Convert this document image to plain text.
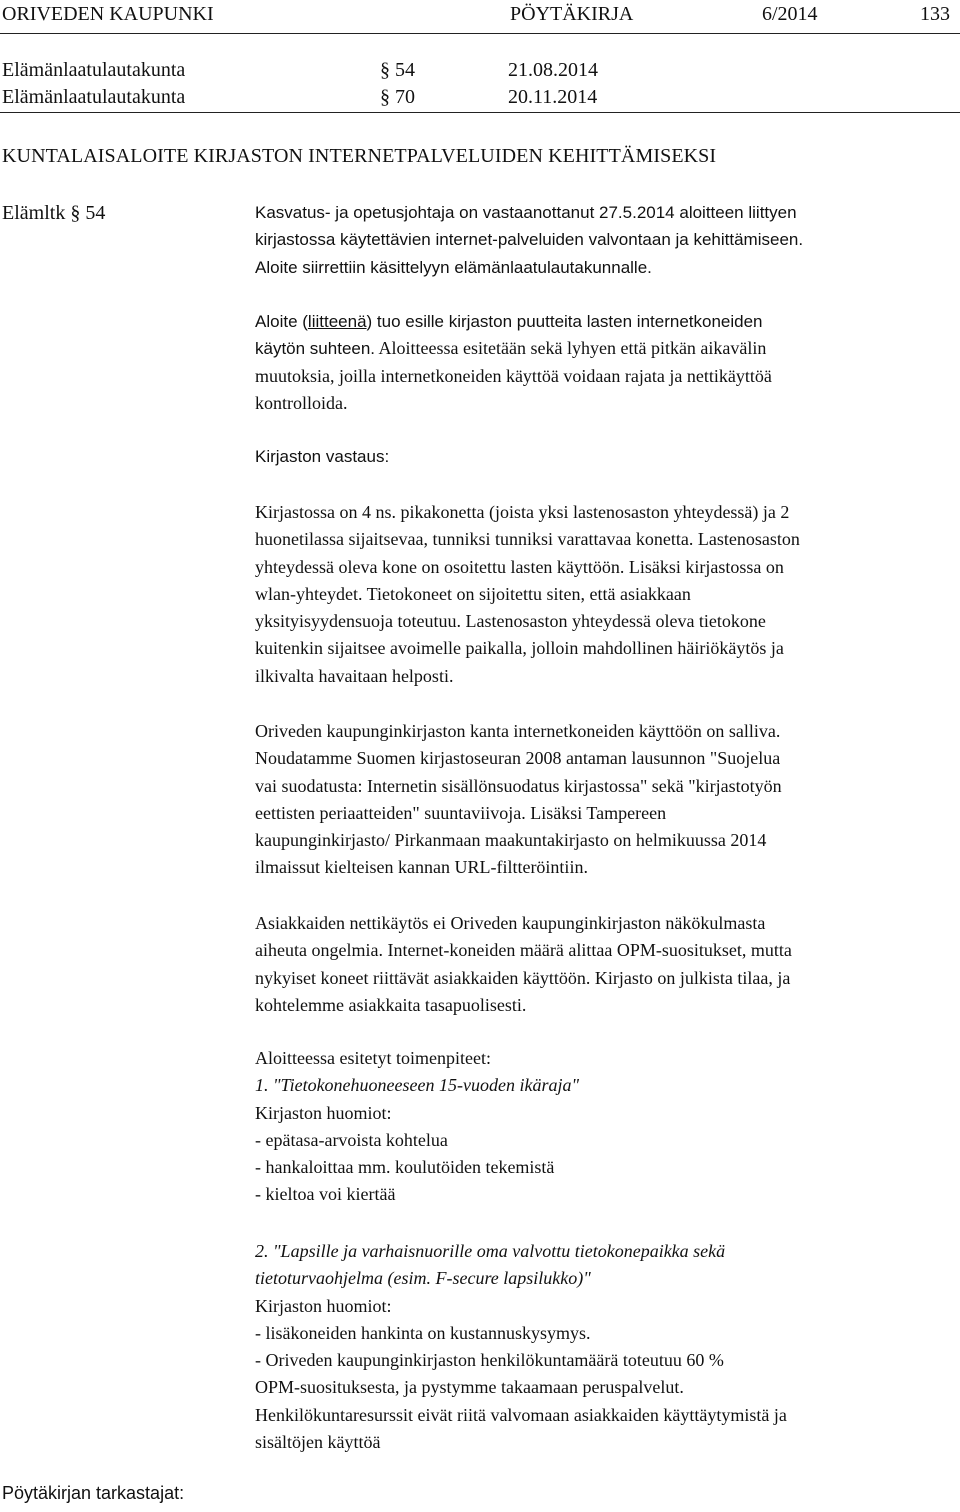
ORIVEDEN KAUPUNKI	PÖYTÄKIRJA	6/2014	133
Elämänlaatulautakunta	§ 54	21.08.2014
Elämänlaatulautakunta	§ 70	20.11.2014
KUNTALAISALOITE KIRJASTON INTERNETPALVELUIDEN KEHITTÄMISEKSI
Elämltk § 54	Kasvatus- ja opetusjohtaja on vastaanottanut 27.5.2014 aloitteen liittyen
kirjastossa käytettävien internet-palveluiden valvontaan ja kehittämiseen.
Aloite siirrettiin käsittelyyn elämänlaatulautakunnalle.
Aloite (liitteenä) tuo esille kirjaston puutteita lasten internetkoneiden
käytön suhteen. Aloitteessa esitetään sekä lyhyen että pitkän aikavälin
muutoksia, joilla internetkoneiden käyttöä voidaan rajata ja nettikäyttöä
kontrolloida.
Kirjaston vastaus:

Kirjastossa on 4 ns. pikakonetta (joista yksi lastenosaston yhteydessä) ja 2

huonetilassa sijaitsevaa, tunniksi tunniksi varattavaa konetta. Lastenosaston

yhteydessä oleva kone on osoitettu lasten käyttöön. Lisäksi kirjastossa on

wlan-yhteydet. Tietokoneet on sijoitettu siten, että asiakkaan

yksityisyydensuoja toteutuu. Lastenosaston yhteydessä oleva tietokone

kuitenkin sijaitsee avoimelle paikalla, jolloin mahdollinen häiriökäytös ja

ilkivalta havaitaan helposti.

Oriveden kaupunginkirjaston kanta internetkoneiden käyttöön on salliva.

Noudatamme Suomen kirjastoseuran 2008 antaman lausunnon "Suojelua

vai suodatusta: Internetin sisällönsuodatus kirjastossa" sekä "kirjastotyön

eettisten periaatteiden" suuntaviivoja. Lisäksi Tampereen

kaupunginkirjasto/ Pirkanmaan maakuntakirjasto on helmikuussa 2014

ilmaissut kielteisen kannan URL-filtteröintiin.

Asiakkaiden nettikäytös ei Oriveden kaupunginkirjaston näkökulmasta

aiheuta ongelmia. Internet-koneiden määrä alittaa OPM-suositukset, mutta

nykyiset koneet riittävät asiakkaiden käyttöön. Kirjasto on julkista tilaa, ja

kohtelemme asiakkaita tasapuolisesti.

Aloitteessa esitetyt toimenpiteet:

1. "Tietokonehuoneeseen 15-vuoden ikäraja"

Kirjaston huomiot:

- epätasa-arvoista kohtelua

- hankaloittaa mm. koulutöiden tekemistä

- kieltoa voi kiertää

2. "Lapsille ja varhaisnuorille oma valvottu tietokonepaikka sekä

tietoturvaohjelma (esim. F-secure lapsilukko)"

Kirjaston huomiot:

- lisäkoneiden hankinta on kustannuskysymys.

- Oriveden kaupunginkirjaston henkilökuntamäärä toteutuu 60 %

OPM-suosituksesta, ja pystymme takaamaan peruspalvelut.

Henkilökuntaresurssit eivät riitä valvomaan asiakkaiden käyttäytymistä ja

sisältöjen käyttöä

Pöytäkirjan tarkastajat:
